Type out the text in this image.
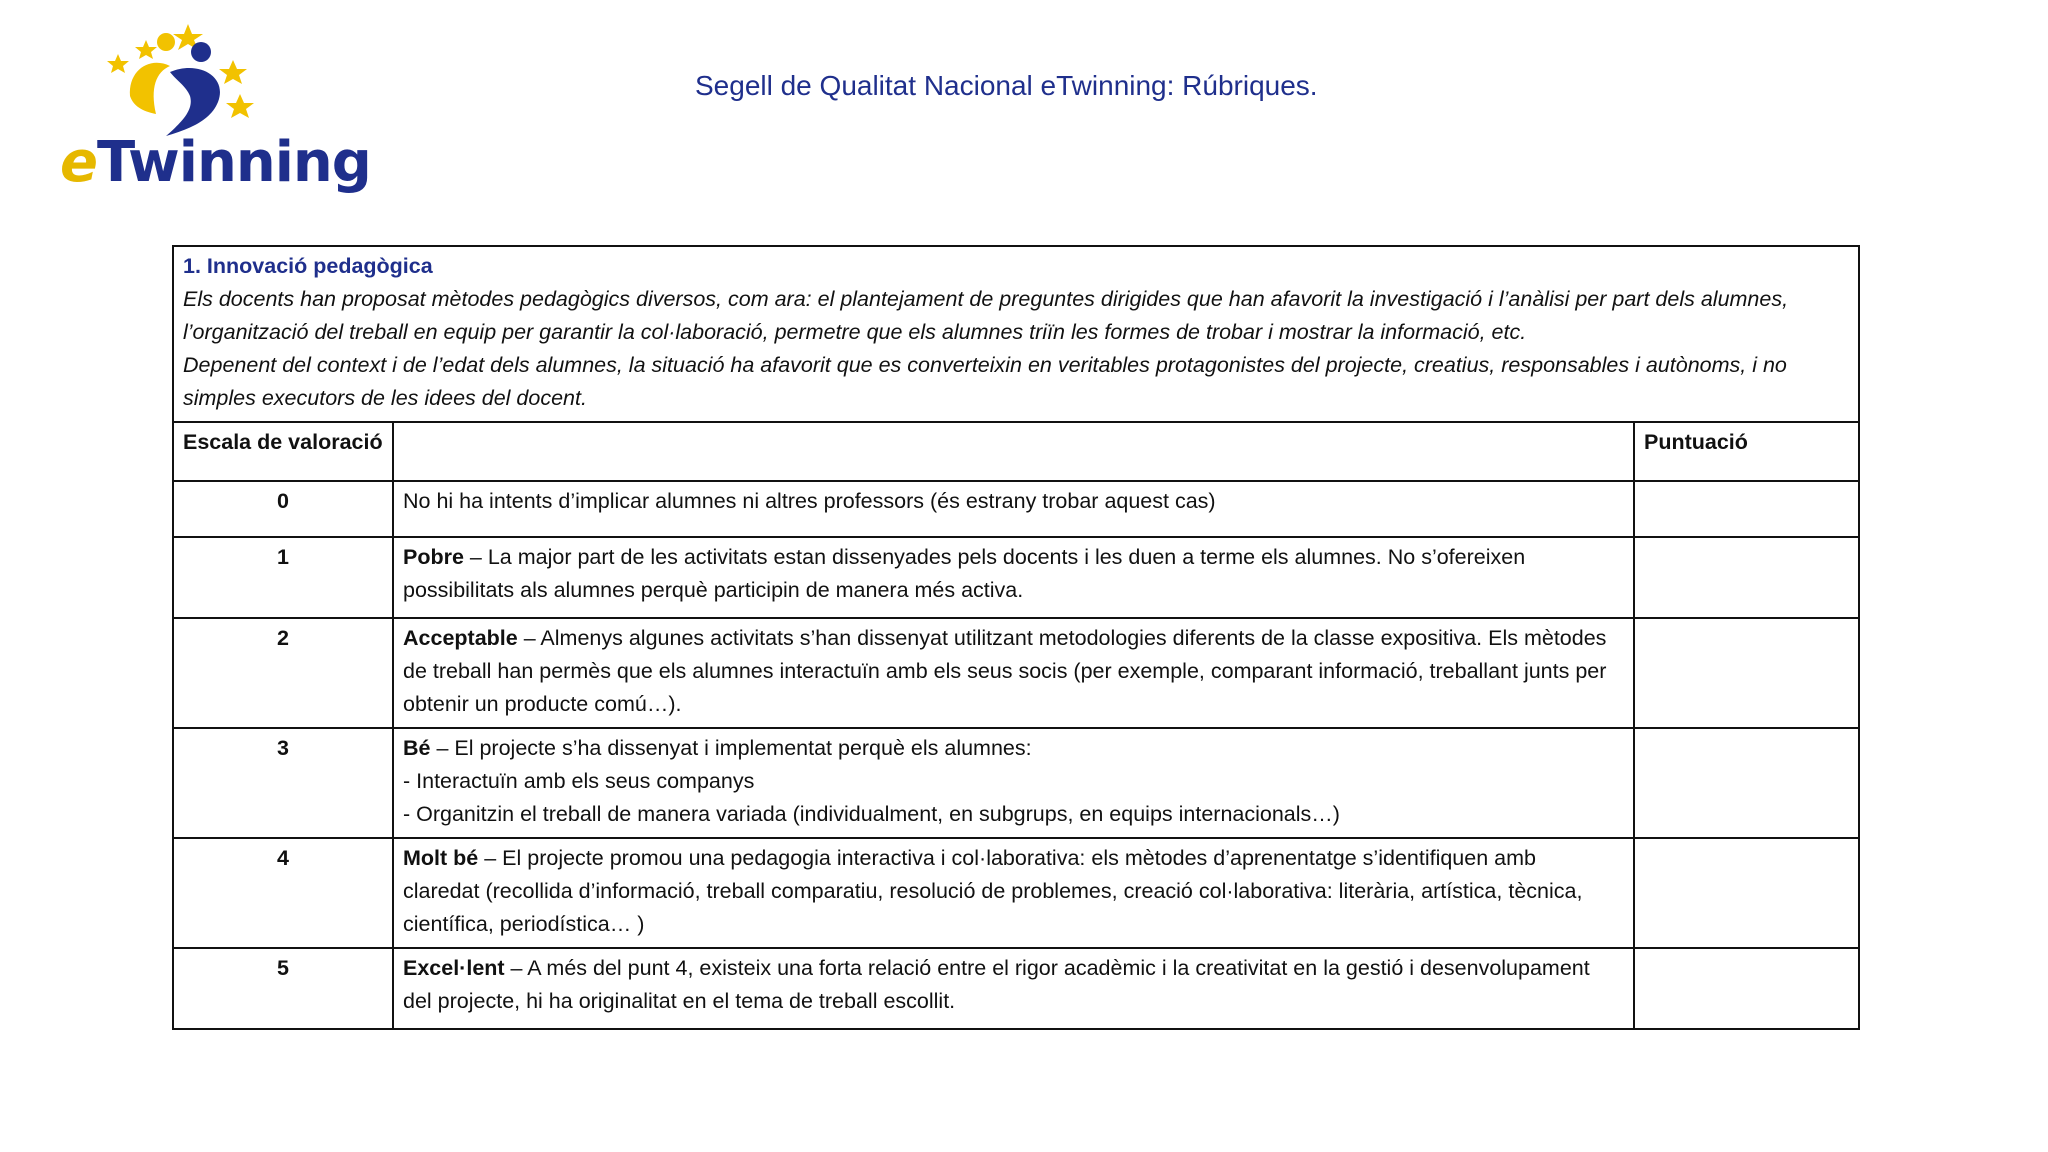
eTwinning
Segell de Qualitat Nacional eTwinning: Rúbriques.
1. Innovació pedagògica
Els docents han proposat mètodes pedagògics diversos, com ara: el plantejament de preguntes dirigides que han afavorit la investigació i l’anàlisi per part dels alumnes,
l’organització del treball en equip per garantir la col·laboració, permetre que els alumnes triïn les formes de trobar i mostrar la informació, etc.
Depenent del context i de l’edat dels alumnes, la situació ha afavorit que es converteixin en veritables protagonistes del projecte, creatius, responsables i autònoms, i no
simples executors de les idees del docent.		

Escala de valoració		Puntuació
0	No hi ha intents d’implicar alumnes ni altres professors (és estrany trobar aquest cas)	

1	Pobre – La major part de les activitats estan dissenyades pels docents i les duen a terme els alumnes. No s’ofereixen
possibilitats als alumnes perquè participin de manera més activa.	

2	Acceptable – Almenys algunes activitats s’han dissenyat utilitzant metodologies diferents de la classe expositiva. Els mètodes
de treball han permès que els alumnes interactuïn amb els seus socis (per exemple, comparant informació, treballant junts per
obtenir un producte comú…).	

3	Bé – El projecte s’ha dissenyat i implementat perquè els alumnes:
- Interactuïn amb els seus companys
- Organitzin el treball de manera variada (individualment, en subgrups, en equips internacionals…)	

4	Molt bé – El projecte promou una pedagogia interactiva i col·laborativa: els mètodes d’aprenentatge s’identifiquen amb
claredat (recollida d’informació, treball comparatiu, resolució de problemes, creació col·laborativa: literària, artística, tècnica,
científica, periodística… )	

5	Excel·lent – A més del punt 4, existeix una forta relació entre el rigor acadèmic i la creativitat en la gestió i desenvolupament
del projecte, hi ha originalitat en el tema de treball escollit.	
